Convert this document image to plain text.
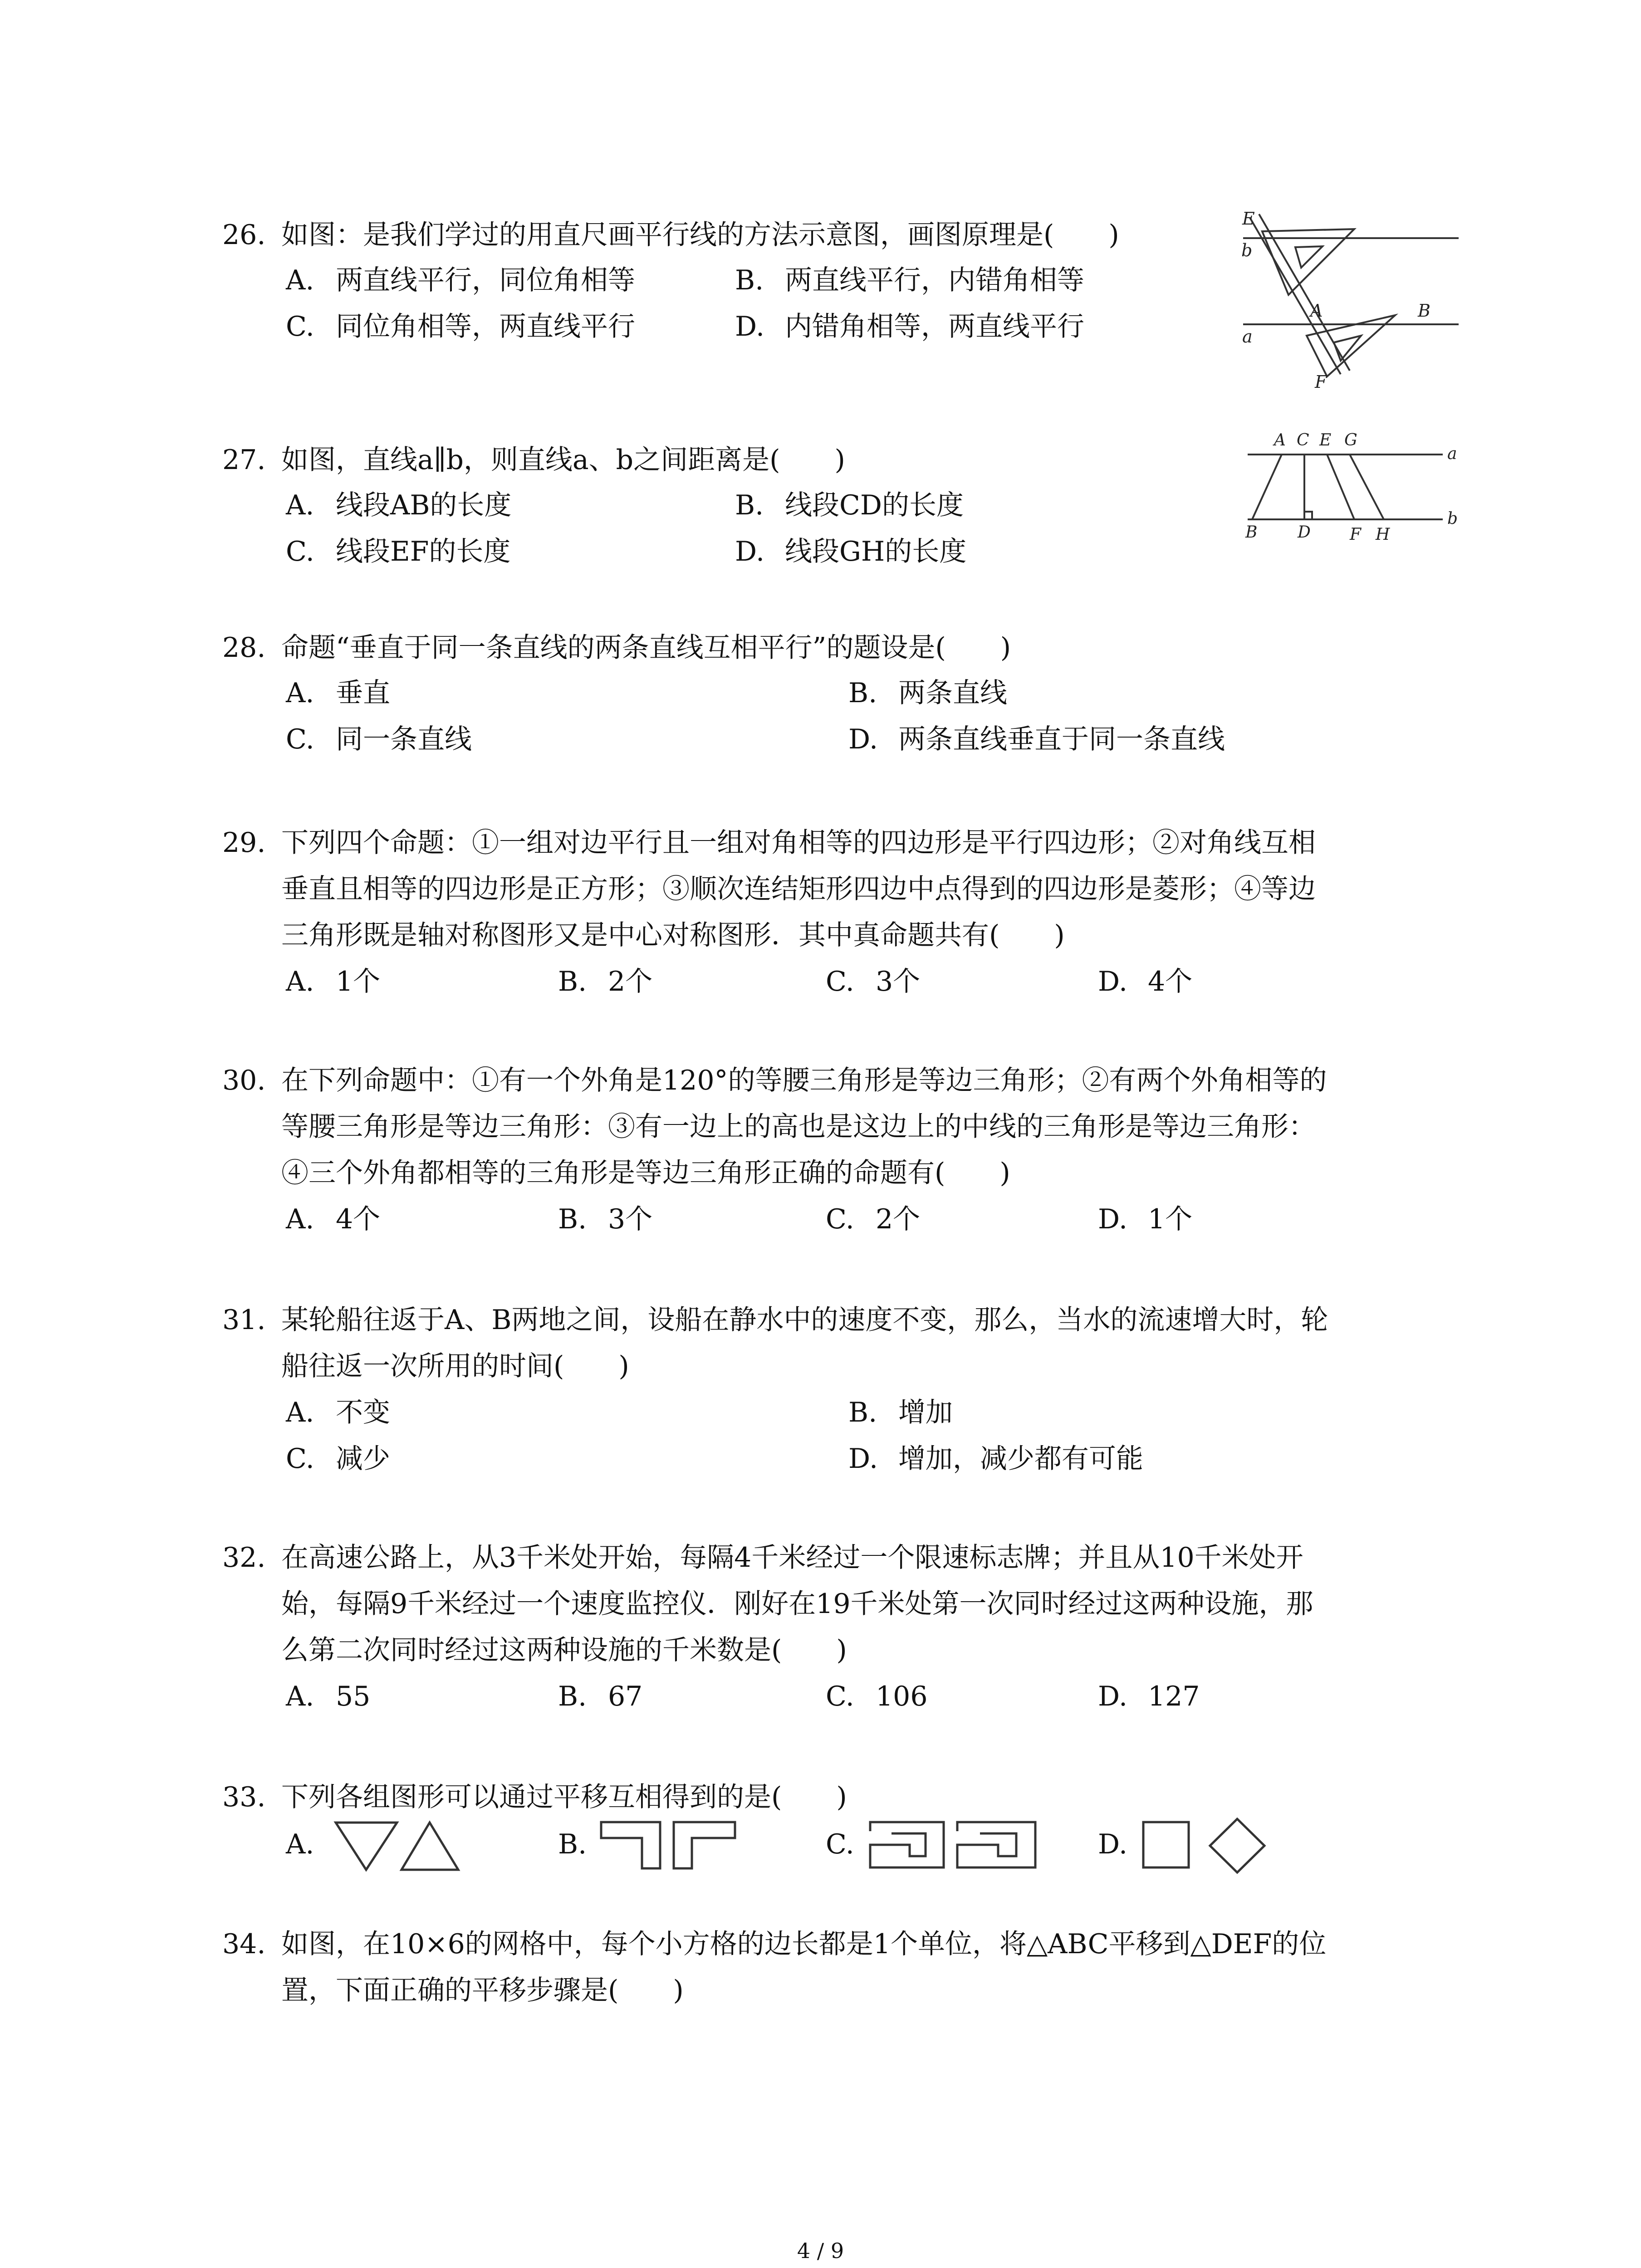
26. 如图：是我们学过的用直尺画平行线的方法示意图，画图原理是(　　)
A. 两直线平行，同位角相等	B. 两直线平行，内错角相等
C. 同位角相等，两直线平行	D. 内错角相等，两直线平行
E
b
A	B
a
F
27. 如图，直线a∥b，则直线a、b之间距离是(　　)
A. 线段AB的长度	B. 线段CD的长度
C. 线段EF的长度	D. 线段GH的长度
A C E G
a
B D F H
b
28. 命题“垂直于同一条直线的两条直线互相平行”的题设是(　　)
A. 垂直	B. 两条直线
C. 同一条直线	D. 两条直线垂直于同一条直线
29. 下列四个命题：①一组对边平行且一组对角相等的四边形是平行四边形；②对角线互相
垂直且相等的四边形是正方形；③顺次连结矩形四边中点得到的四边形是菱形；④等边
三角形既是轴对称图形又是中心对称图形．其中真命题共有(　　)
A. 1个	B. 2个	C. 3个	D. 4个
30. 在下列命题中：①有一个外角是120°的等腰三角形是等边三角形；②有两个外角相等的
等腰三角形是等边三角形：③有一边上的高也是这边上的中线的三角形是等边三角形：
④三个外角都相等的三角形是等边三角形正确的命题有(　　)
A. 4个	B. 3个	C. 2个	D. 1个
31. 某轮船往返于A、B两地之间，设船在静水中的速度不变，那么，当水的流速增大时，轮
船往返一次所用的时间(　　)
A. 不变	B. 增加
C. 减少	D. 增加，减少都有可能
32. 在高速公路上，从3千米处开始，每隔4千米经过一个限速标志牌；并且从10千米处开
始，每隔9千米经过一个速度监控仪．刚好在19千米处第一次同时经过这两种设施，那
么第二次同时经过这两种设施的千米数是(　　)
A. 55	B. 67	C. 106	D. 127
33. 下列各组图形可以通过平移互相得到的是(　　)
A.	B.	C.	D.
34. 如图，在10×6的网格中，每个小方格的边长都是1个单位，将△ABC平移到△DEF的位
置，下面正确的平移步骤是(　　)
4 / 9
